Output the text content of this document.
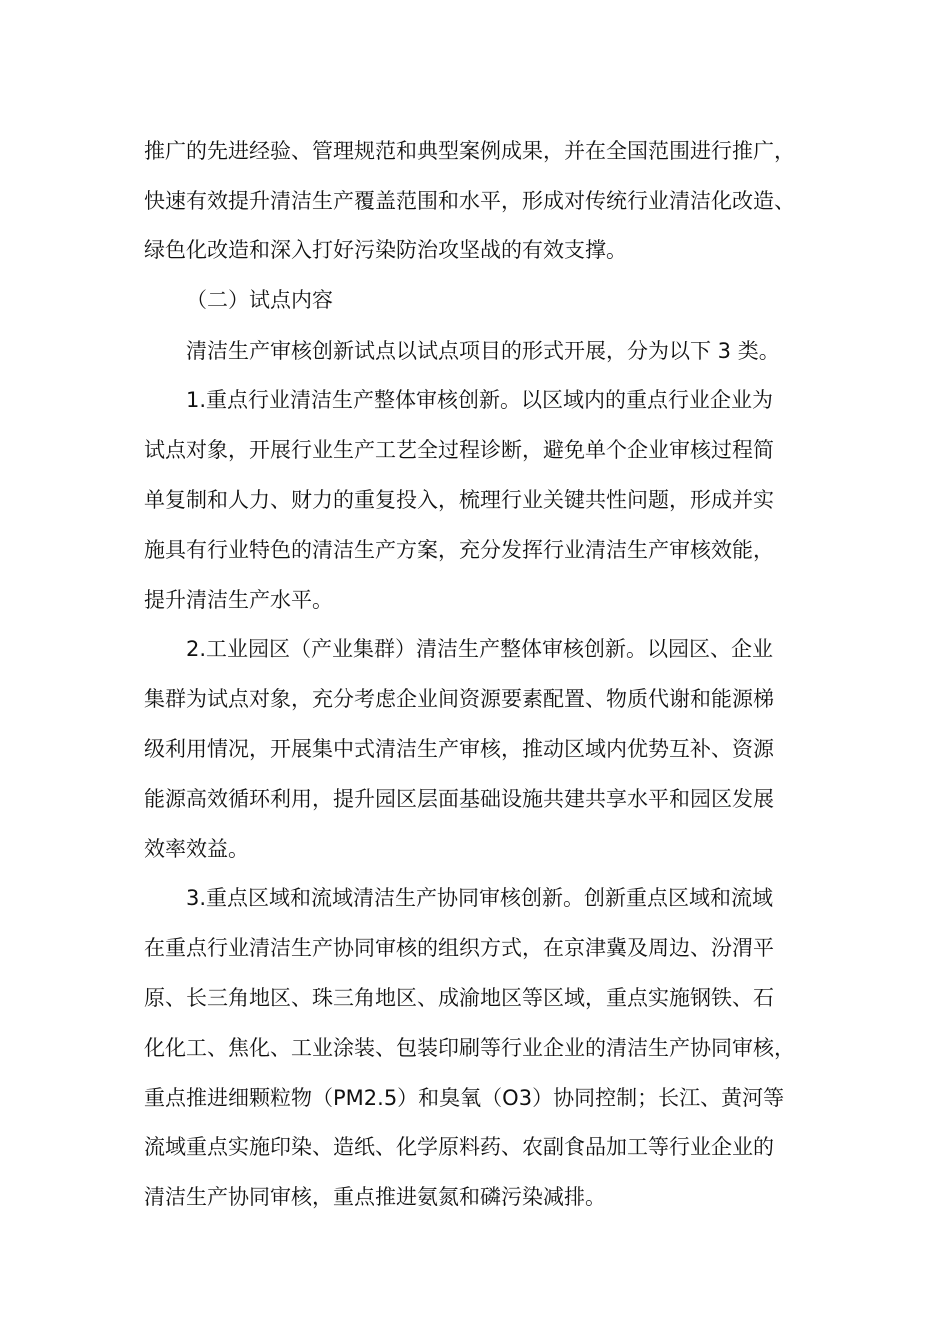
推广的先进经验、管理规范和典型案例成果，并在全国范围进行推广，
快速有效提升清洁生产覆盖范围和水平，形成对传统行业清洁化改造、
绿色化改造和深入打好污染防治攻坚战的有效支撑。
（二）试点内容
清洁生产审核创新试点以试点项目的形式开展，分为以下 3 类。
1.重点行业清洁生产整体审核创新。以区域内的重点行业企业为
试点对象，开展行业生产工艺全过程诊断，避免单个企业审核过程简
单复制和人力、财力的重复投入，梳理行业关键共性问题，形成并实
施具有行业特色的清洁生产方案，充分发挥行业清洁生产审核效能，
提升清洁生产水平。
2.工业园区（产业集群）清洁生产整体审核创新。以园区、企业
集群为试点对象，充分考虑企业间资源要素配置、物质代谢和能源梯
级利用情况，开展集中式清洁生产审核，推动区域内优势互补、资源
能源高效循环利用，提升园区层面基础设施共建共享水平和园区发展
效率效益。
3.重点区域和流域清洁生产协同审核创新。创新重点区域和流域
在重点行业清洁生产协同审核的组织方式，在京津冀及周边、汾渭平
原、长三角地区、珠三角地区、成渝地区等区域，重点实施钢铁、石
化化工、焦化、工业涂装、包装印刷等行业企业的清洁生产协同审核，
重点推进细颗粒物（PM2.5）和臭氧（O3）协同控制；长江、黄河等
流域重点实施印染、造纸、化学原料药、农副食品加工等行业企业的
清洁生产协同审核，重点推进氨氮和磷污染减排。
